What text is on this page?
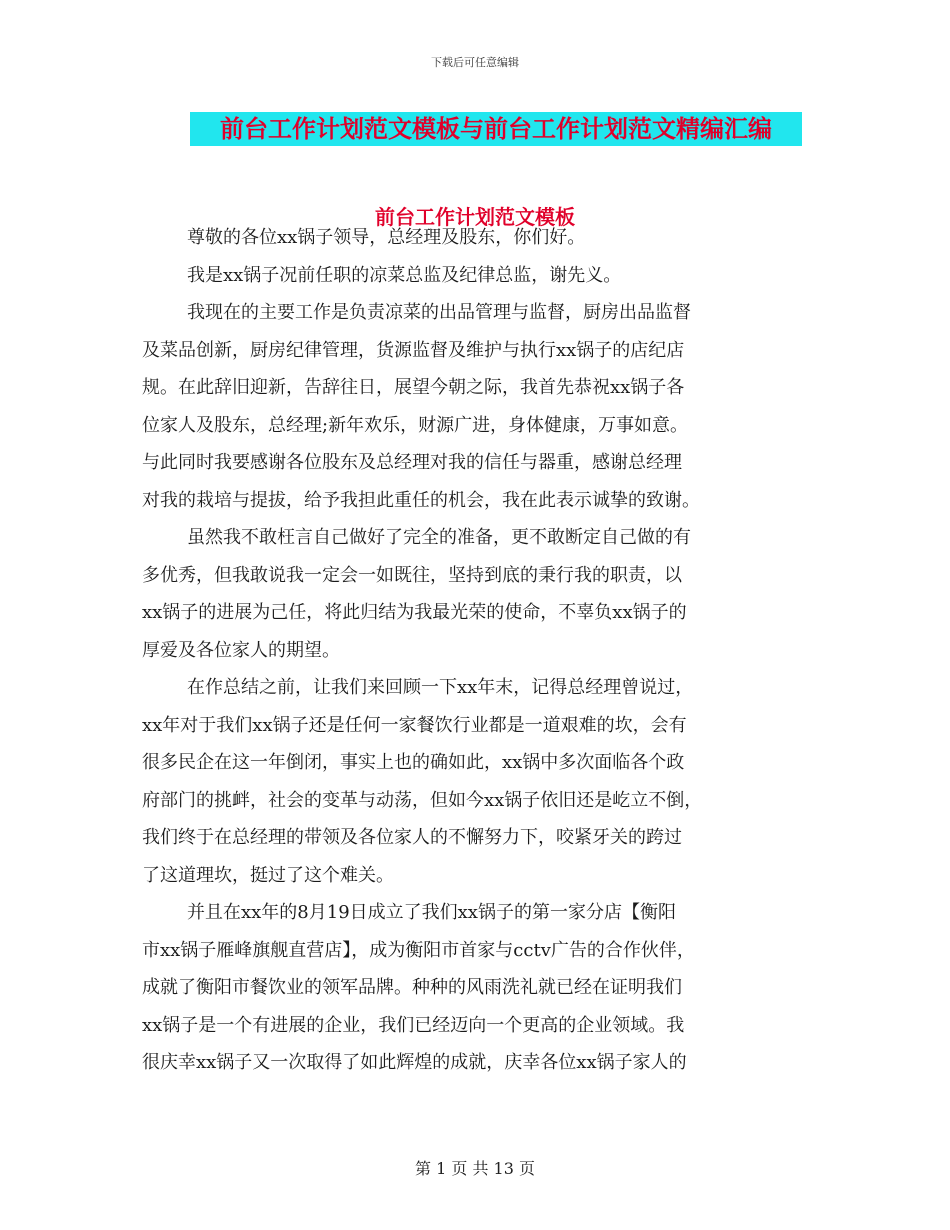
下载后可任意编辑
前台工作计划范文模板与前台工作计划范文精编汇编
前台工作计划范文模板

尊敬的各位xx锅子领导，总经理及股东，你们好。

我是xx锅子况前任职的凉菜总监及纪律总监，谢先义。

我现在的主要工作是负责凉菜的出品管理与监督，厨房出品监督
及菜品创新，厨房纪律管理，货源监督及维护与执行xx锅子的店纪店
规。在此辞旧迎新，告辞往日，展望今朝之际，我首先恭祝xx锅子各
位家人及股东，总经理;新年欢乐，财源广进，身体健康，万事如意。
与此同时我要感谢各位股东及总经理对我的信任与器重，感谢总经理
对我的栽培与提拔，给予我担此重任的机会，我在此表示诚挚的致谢。

虽然我不敢枉言自己做好了完全的准备，更不敢断定自己做的有
多优秀，但我敢说我一定会一如既往，坚持到底的秉行我的职责，以
xx锅子的进展为己任，将此归结为我最光荣的使命，不辜负xx锅子的
厚爱及各位家人的期望。

在作总结之前，让我们来回顾一下xx年末，记得总经理曾说过，
xx年对于我们xx锅子还是任何一家餐饮行业都是一道艰难的坎，会有
很多民企在这一年倒闭，事实上也的确如此，xx锅中多次面临各个政
府部门的挑衅，社会的变革与动荡，但如今xx锅子依旧还是屹立不倒，
我们终于在总经理的带领及各位家人的不懈努力下，咬紧牙关的跨过
了这道理坎，挺过了这个难关。

并且在xx年的8月19日成立了我们xx锅子的第一家分店【衡阳
市xx锅子雁峰旗舰直营店】，成为衡阳市首家与cctv广告的合作伙伴，
成就了衡阳市餐饮业的领军品牌。种种的风雨洗礼就已经在证明我们
xx锅子是一个有进展的企业，我们已经迈向一个更高的企业领域。我
很庆幸xx锅子又一次取得了如此辉煌的成就，庆幸各位xx锅子家人的

第 1 页 共 13 页
